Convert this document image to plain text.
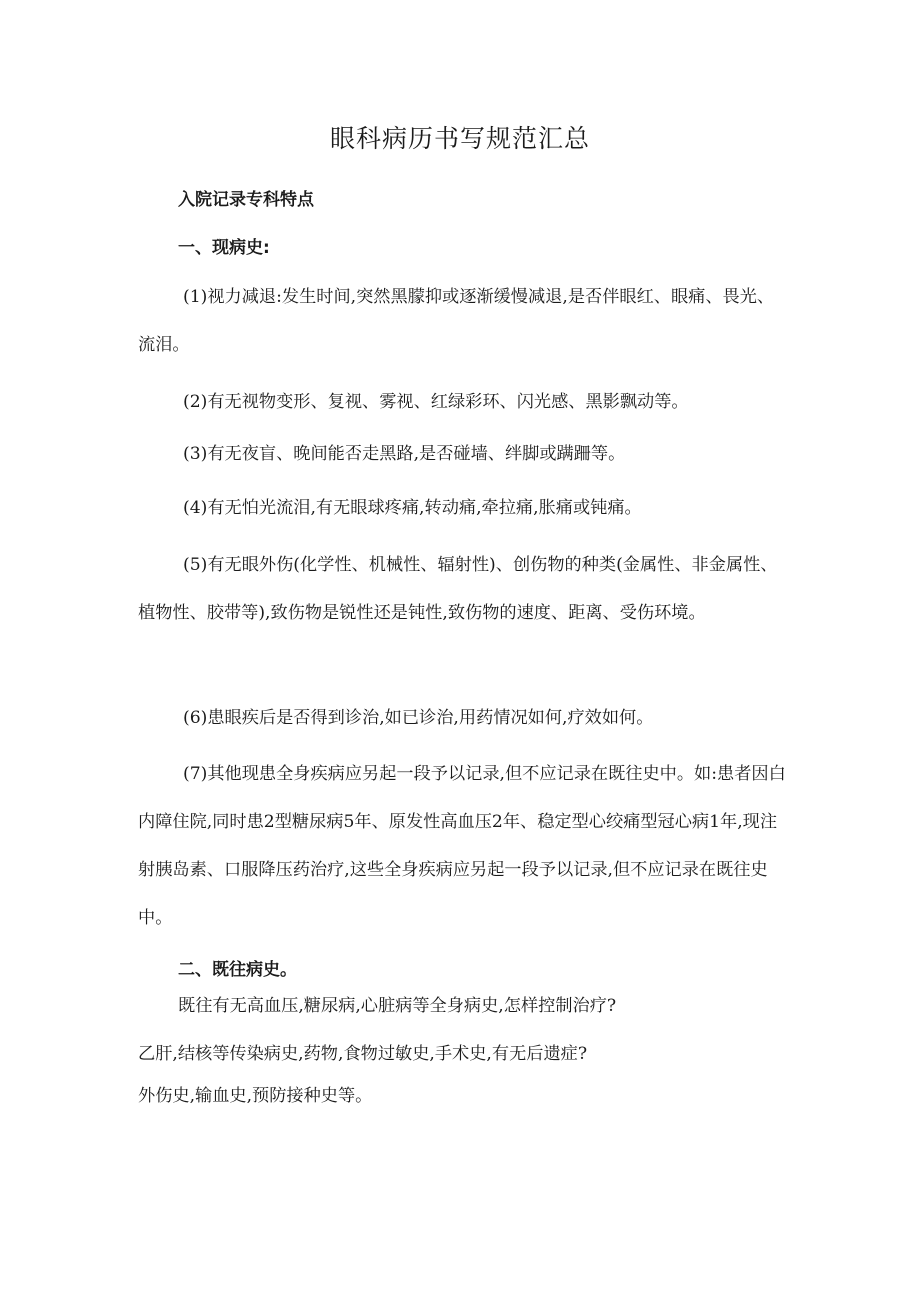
眼科病历书写规范汇总
入院记录专科特点
一、现病史:

(1)视力减退:发生时间,突然黑朦抑或逐渐缓慢减退,是否伴眼红、眼痛、畏光、流泪。

(2)有无视物变形、复视、雾视、红绿彩环、闪光感、黑影飘动等。

(3)有无夜盲、晚间能否走黑路,是否碰墙、绊脚或蹒跚等。

(4)有无怕光流泪,有无眼球疼痛,转动痛,牵拉痛,胀痛或钝痛。

(5)有无眼外伤(化学性、机械性、辐射性)、创伤物的种类(金属性、非金属性、植物性、胶带等),致伤物是锐性还是钝性,致伤物的速度、距离、受伤环境。

(6)患眼疾后是否得到诊治,如已诊治,用药情况如何,疗效如何。

(7)其他现患全身疾病应另起一段予以记录,但不应记录在既往史中。如:患者因白内障住院,同时患2型糖尿病5年、原发性高血压2年、稳定型心绞痛型冠心病1年,现注射胰岛素、口服降压药治疗,这些全身疾病应另起一段予以记录,但不应记录在既往史中。

二、既往病史。

既往有无高血压,糖尿病,心脏病等全身病史,怎样控制治疗?

乙肝,结核等传染病史,药物,食物过敏史,手术史,有无后遗症?

外伤史,输血史,预防接种史等。
